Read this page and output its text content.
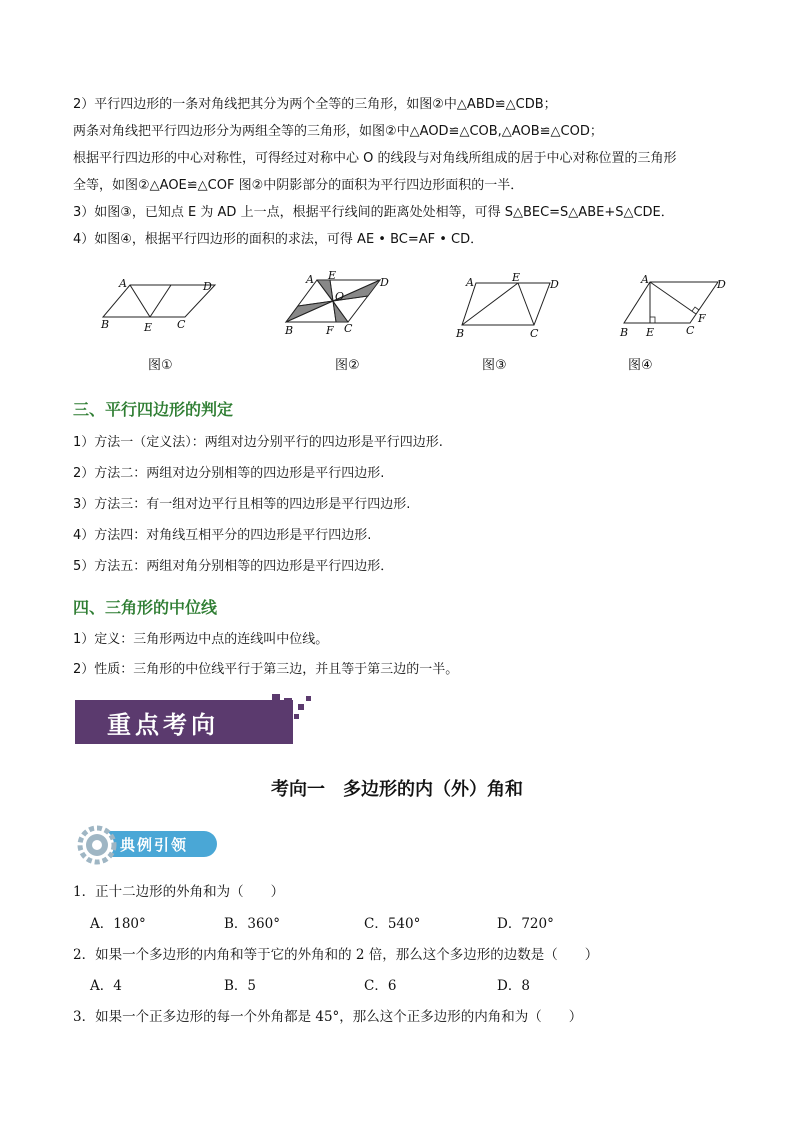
2）平行四边形的一条对角线把其分为两个全等的三角形，如图②中△ABD≌△CDB；
两条对角线把平行四边形分为两组全等的三角形，如图②中△AOD≌△COB,△AOB≌△COD；
根据平行四边形的中心对称性，可得经过对称中心 O 的线段与对角线所组成的居于中心对称位置的三角形
全等，如图②△AOE≌△COF 图②中阴影部分的面积为平行四边形面积的一半．
3）如图③，已知点 E 为 AD 上一点，根据平行线间的距离处处相等，可得 S△BEC=S△ABE+S△CDE．
4）如图④，根据平行四边形的面积的求法，可得 AE • BC=AF • CD．
A	D
B	E C
图①
A E
D
O
B	F C
图②
A	E
D
B	C
图③
A	D
F
B E	C
图④
三、平行四边形的判定
1）方法一（定义法）：两组对边分别平行的四边形是平行四边形.
2）方法二：两组对边分别相等的四边形是平行四边形.
3）方法三：有一组对边平行且相等的四边形是平行四边形.
4）方法四：对角线互相平分的四边形是平行四边形.
5）方法五：两组对角分别相等的四边形是平行四边形．
四、三角形的中位线
1）定义：三角形两边中点的连线叫中位线。
2）性质：三角形的中位线平行于第三边，并且等于第三边的一半。
重点考向
考向一　多边形的内（外）角和
典例引领
1．正十二边形的外角和为（　　）
A．180°	B．360°	C．540°	D．720°
2．如果一个多边形的内角和等于它的外角和的 2 倍，那么这个多边形的边数是（　　）
A．4	B．5	C．6	D．8
3．如果一个正多边形的每一个外角都是 45°，那么这个正多边形的内角和为（　　）
